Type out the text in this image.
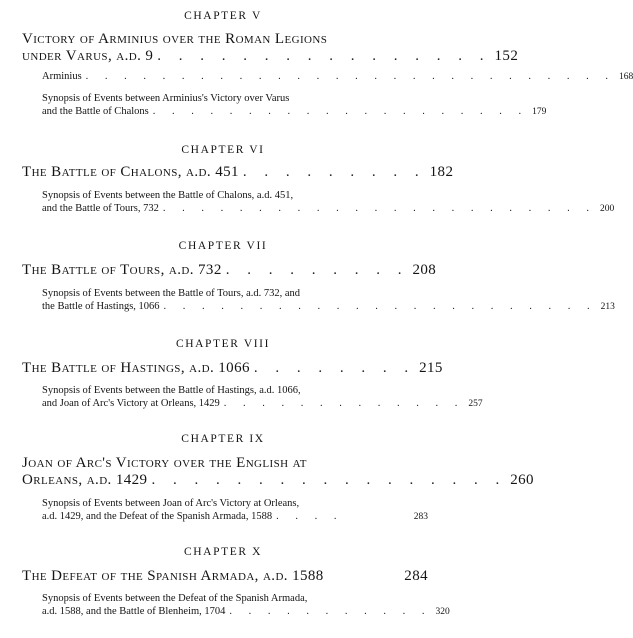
CHAPTER V
Victory of Arminius over the Roman Legions
under Varus, a.d. 9 . . . . . . . . . . . . . . . . 152
Arminius . . . . . . . . . . . . . . . . . . . . . . . . . . . . 168
Synopsis of Events between Arminius's Victory over Varus
and the Battle of Chalons . . . . . . . . . . . . . . . . . . . . 179
CHAPTER VI
The Battle of Chalons, a.d. 451 . . . . . . . . . 182
Synopsis of Events between the Battle of Chalons, a.d. 451,
and the Battle of Tours, 732 . . . . . . . . . . . . . . . . . . . . . . . 200
CHAPTER VII
The Battle of Tours, a.d. 732 . . . . . . . . . 208
Synopsis of Events between the Battle of Tours, a.d. 732, and
the Battle of Hastings, 1066 . . . . . . . . . . . . . . . . . . . . . . . 213
CHAPTER VIII
The Battle of Hastings, a.d. 1066 . . . . . . . . 215
Synopsis of Events between the Battle of Hastings, a.d. 1066,
and Joan of Arc's Victory at Orleans, 1429 . . . . . . . . . . . . . 257
CHAPTER IX
Joan of Arc's Victory over the English at
Orleans, a.d. 1429 . . . . . . . . . . . . . . . . . 260
Synopsis of Events between Joan of Arc's Victory at Orleans,
a.d. 1429, and the Defeat of the Spanish Armada, 1588 . . . .	283
CHAPTER X
The Defeat of the Spanish Armada, a.d. 1588	284
Synopsis of Events between the Defeat of the Spanish Armada,
a.d. 1588, and the Battle of Blenheim, 1704 . . . . . . . . . . . 320
